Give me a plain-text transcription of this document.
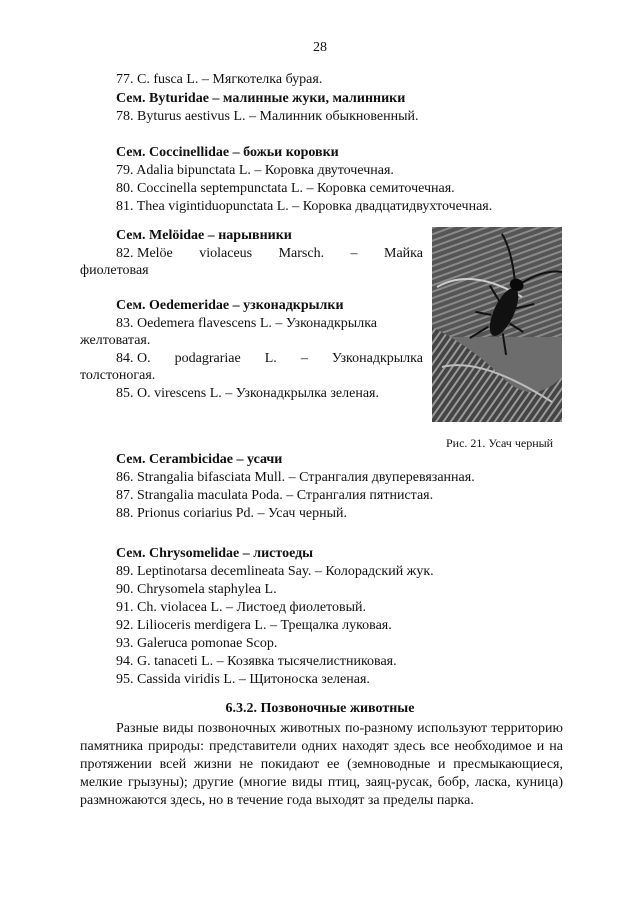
28
77. C. fusca L. – Мягкотелка бурая.
Сем. Byturidae – малинные жуки, малинники
78. Byturus aestivus L. – Малинник обыкновенный.
Сем. Coccinellidae – божьи коровки
79. Adalia bipunctata L. – Коровка двуточечная.
80. Coccinella septempunctata L. – Коровка семиточечная.
81. Thea vigintiduopunctata L. – Коровка двадцатидвухточечная.
Сем. Melöidae – нарывники
82. Melöe violaceus Marsch. – Майка
фиолетовая
Сем. Oedemeridae – узконадкрылки
83. Oedemera flavescens L. – Узконадкрылка
желтоватая.
84. O. podagrariae L. – Узконадкрылка
толстоногая.
85. O. virescens L. – Узконадкрылка зеленая.
Рис. 21. Усач черный
Сем. Cerambicidae – усачи
86. Strangalia bifasciata Mull. – Странгалия двуперевязанная.
87. Strangalia maculata Poda. – Странгалия пятнистая.
88. Prionus coriarius Pd. – Усач черный.
Сем. Chrysomelidae – листоеды
89. Leptinotarsa decemlineata Say. – Колорадский жук.
90. Chrysomela staphylea L.
91. Ch. violacea L. – Листоед фиолетовый.
92. Lilioceris merdigera L. – Трещалка луковая.
93. Galeruca pomonae Scop.
94. G. tanaceti L. – Козявка тысячелистниковая.
95. Cassida viridis L. – Щитоноска зеленая.
6.3.2. Позвоночные животные
Разные виды позвоночных животных по-разному используют территорию памятника природы: представители одних находят здесь все необходимое и на протяжении всей жизни не покидают ее (земноводные и пресмыкающиеся, мелкие грызуны); другие (многие виды птиц, заяц-русак, бобр, ласка, куница) размножаются здесь, но в течение года выходят за пределы парка.
